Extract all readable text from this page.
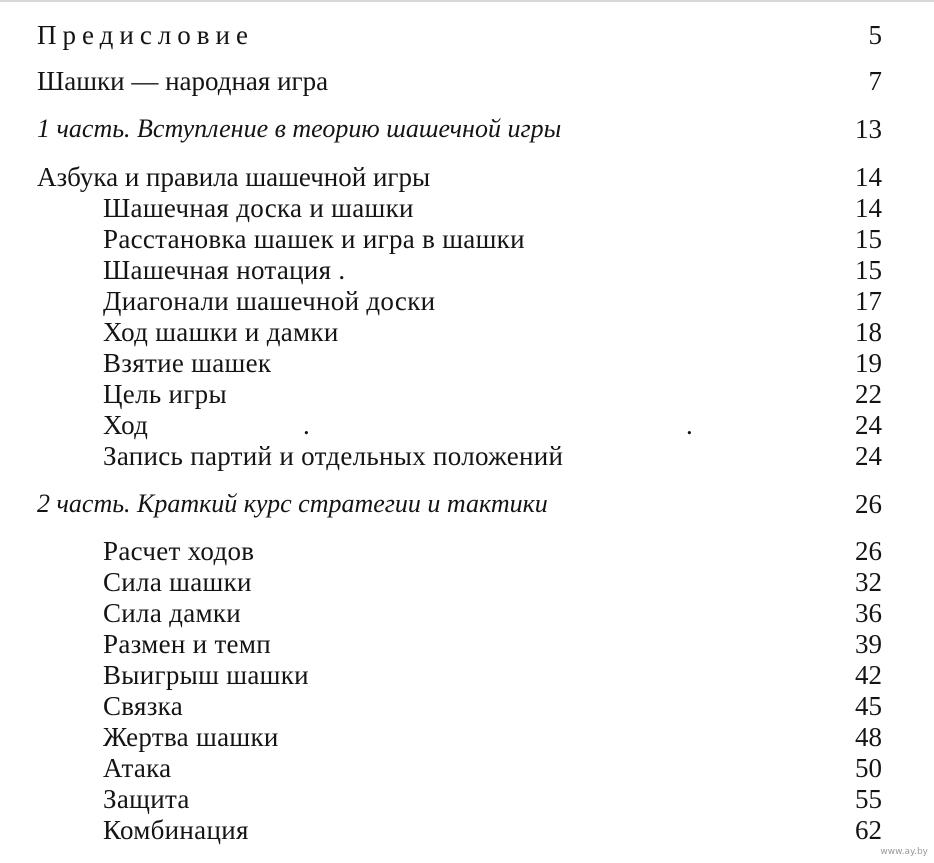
Предисловие	5
Шашки — народная игра	7
1 часть. Вступление в теорию шашечной игры	13
Азбука и правила шашечной игры	14
Шашечная доска и шашки	14
Расстановка шашек и игра в шашки	15
Шашечная нотация .	15
Диагонали шашечной доски	17
Ход шашки и дамки	18
Взятие шашек	19
Цель игры	22
Ход	.	.	24
Запись партий и отдельных положений	24
2 часть. Краткий курс стратегии и тактики	26
Расчет ходов	26
Сила шашки	32
Сила дамки	36
Размен и темп	39
Выигрыш шашки	42
Связка	45
Жертва шашки	48
Атака	50
Защита	55
Комбинация	62
www.ay.by
